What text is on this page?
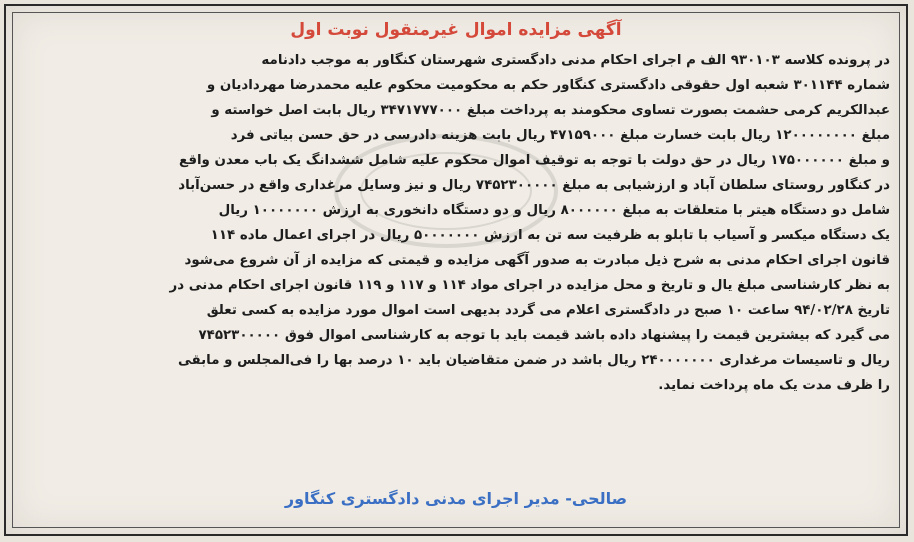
آگهی مزایده اموال غیرمنقول نوبت اول
در پرونده کلاسه ۹۳۰۱۰۳ الف م اجرای احکام مدنی دادگستری شهرستان کنگاور به موجب دادنامه
شماره ۳۰۱۱۴۴ شعبه اول حقوقی دادگستری کنگاور حکم به محکومیت محکوم علیه محمدرضا مهردادیان و
عبدالکریم کرمی حشمت بصورت تساوی محکومند به پرداخت مبلغ ۳۴۷۱۷۷۷۰۰۰ ریال بابت اصل خواسته و
مبلغ ۱۲۰۰۰۰۰۰۰۰ ریال بابت خسارت مبلغ ۴۷۱۵۹۰۰۰ ریال بابت هزینه دادرسی در حق حسن بیاتی فرد
و مبلغ ۱۷۵۰۰۰۰۰۰ ریال در حق دولت با توجه به توقیف اموال محکوم علیه شامل ششدانگ یک باب معدن واقع
در کنگاور روستای سلطان آباد و ارزشیابی به مبلغ ۷۴۵۲۳۰۰۰۰۰ ریال و نیز وسایل مرغداری واقع در حسن‌آباد
شامل دو دستگاه هیتر با متعلقات به مبلغ ۸۰۰۰۰۰۰ ریال و دو دستگاه دانخوری به ارزش ۱۰۰۰۰۰۰۰ ریال
یک دستگاه میکسر و آسیاب با تابلو به ظرفیت سه تن به ارزش ۵۰۰۰۰۰۰۰ ریال در اجرای اعمال ماده ۱۱۴
قانون اجرای احکام مدنی به شرح ذیل مبادرت به صدور آگهی مزایده و قیمتی که مزایده از آن شروع می‌شود
به نظر کارشناسی مبلغ یال و تاریخ و محل مزایده در اجرای مواد ۱۱۴ و ۱۱۷ و ۱۱۹ قانون اجرای احکام مدنی در
تاریخ ۹۴/۰۲/۲۸ ساعت ۱۰ صبح در دادگستری اعلام می گردد بدیهی است اموال مورد مزایده به کسی تعلق
می گیرد که بیشترین قیمت را پیشنهاد داده باشد قیمت باید با توجه به کارشناسی اموال فوق ۷۴۵۲۳۰۰۰۰۰
ریال و تاسیسات مرغداری ۲۴۰۰۰۰۰۰۰ ریال باشد در ضمن متقاضیان باید ۱۰ درصد بها را فی‌المجلس و مابقی
را ظرف مدت یک ماه پرداخت نماید.
صالحی- مدیر اجرای مدنی دادگستری کنگاور
